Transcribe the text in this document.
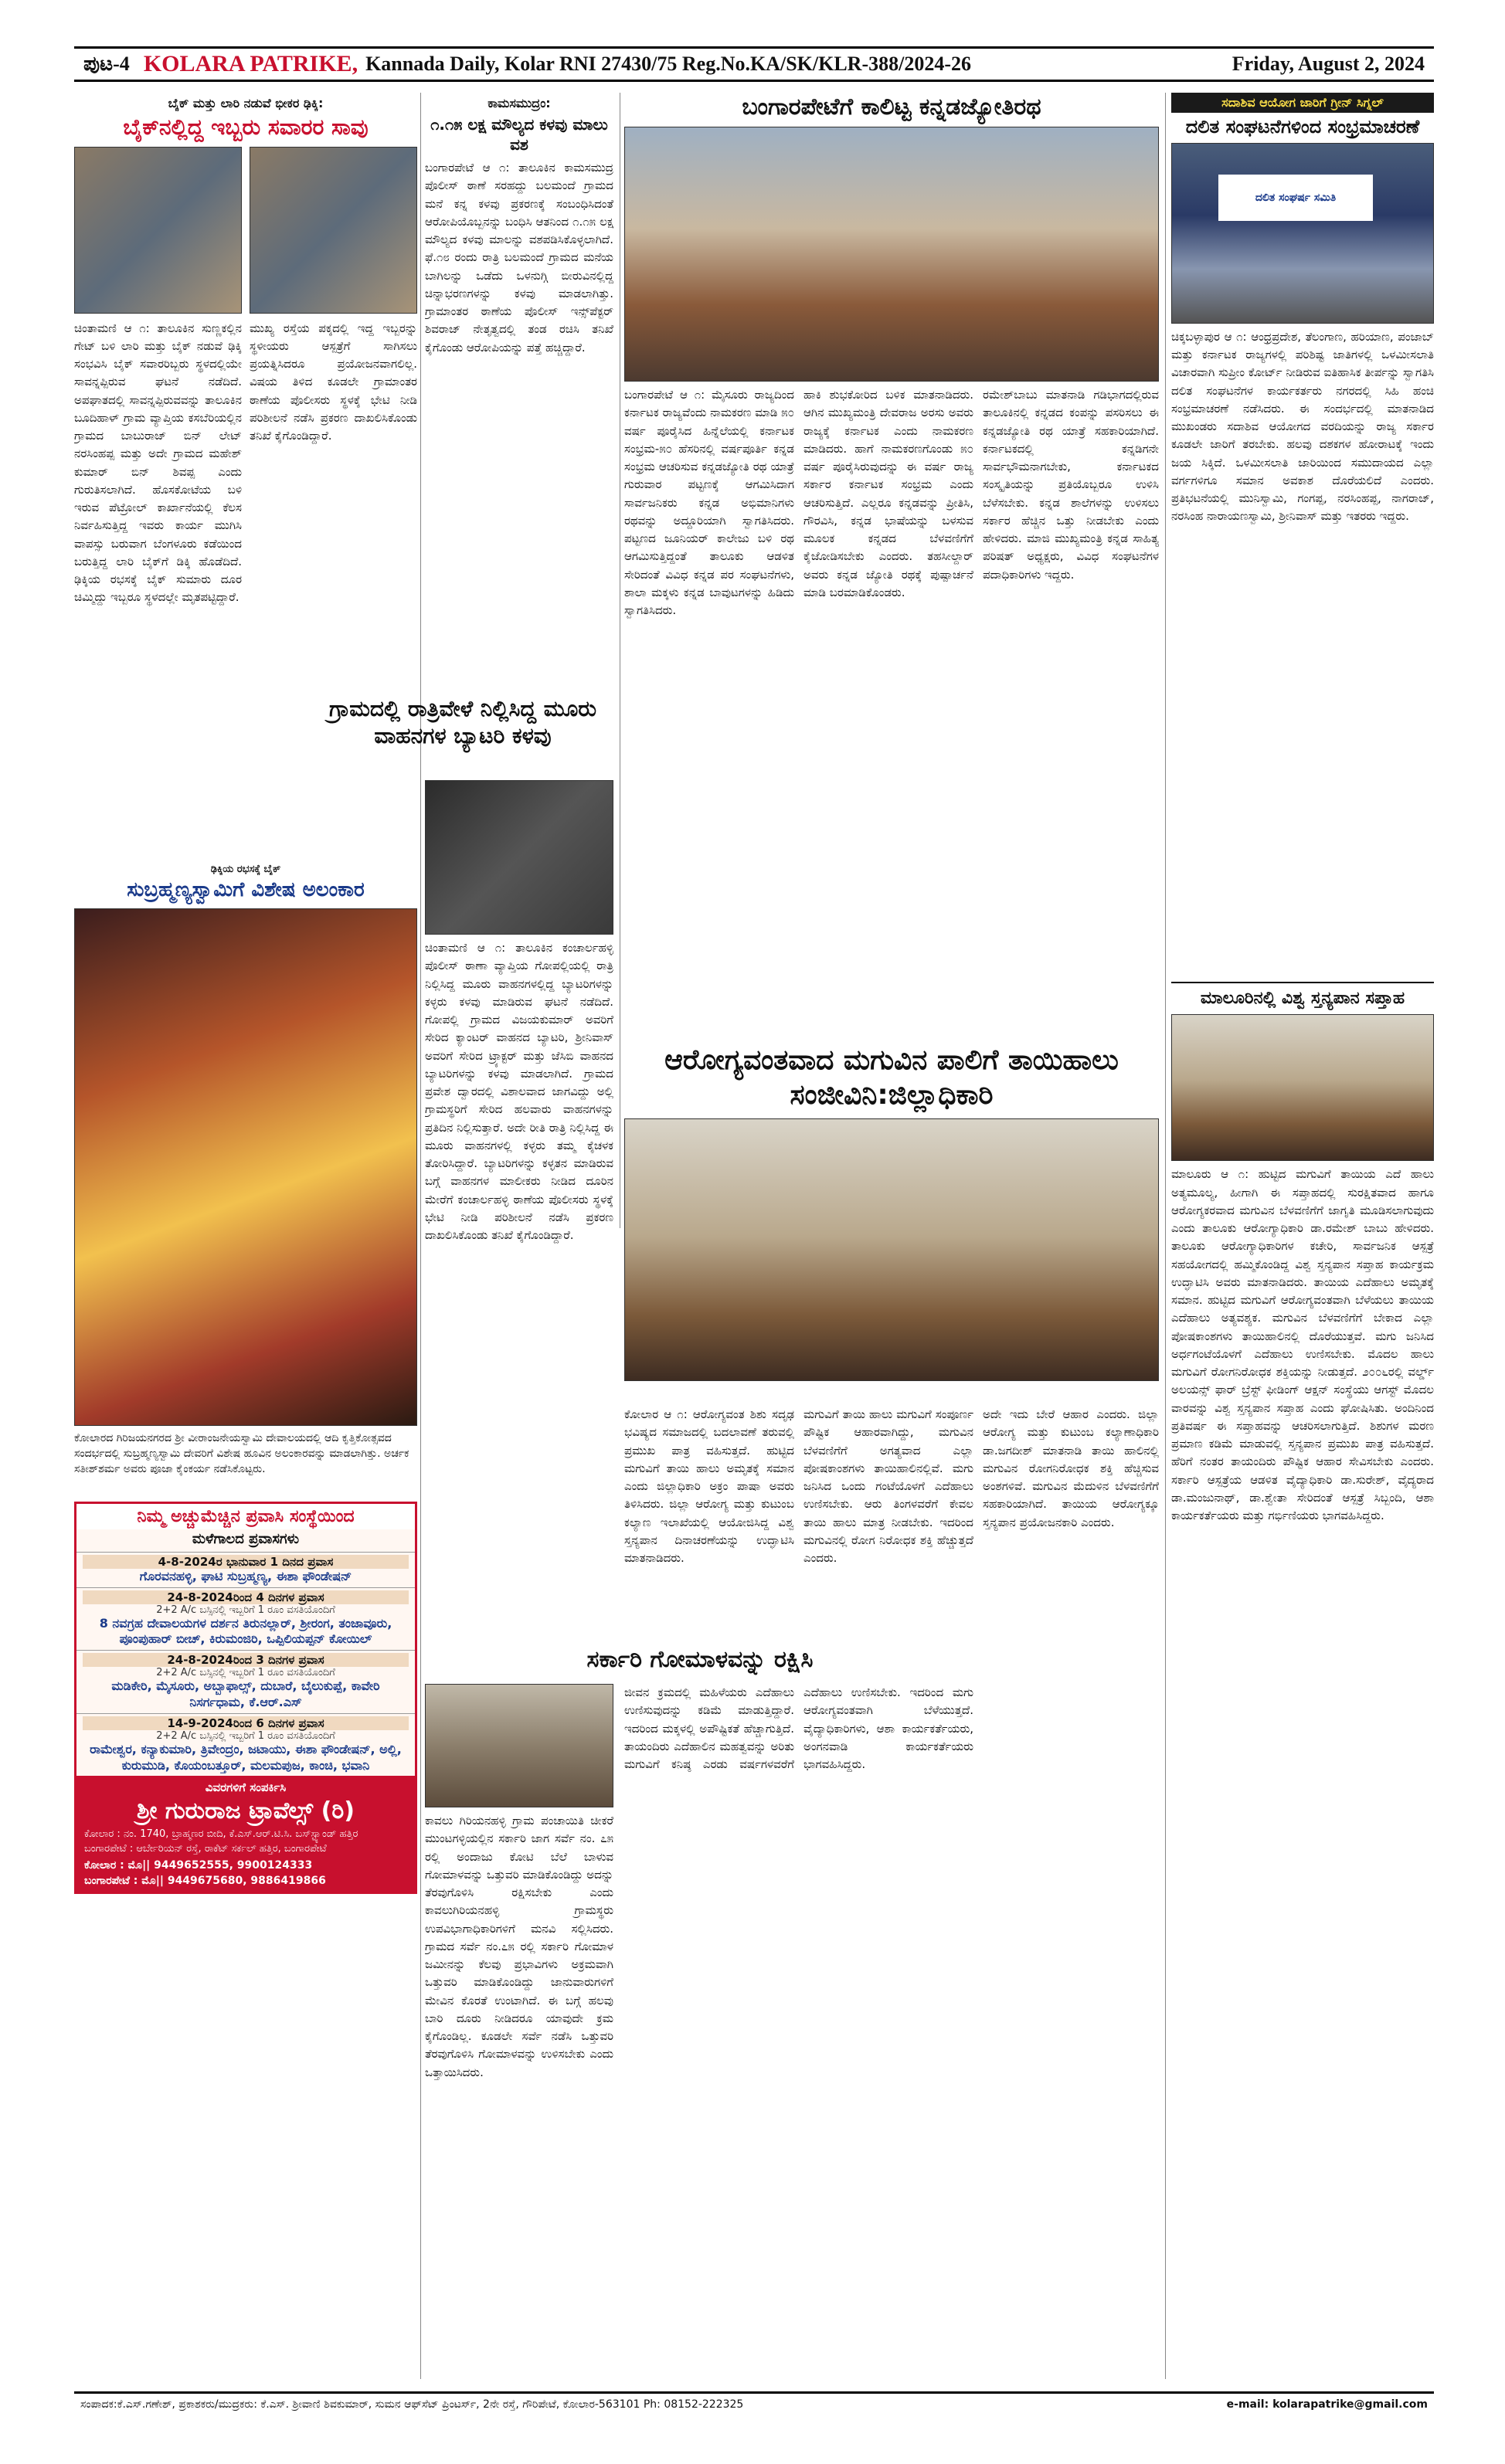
ಪುಟ-4 KOLARA PATRIKE, Kannada Daily, Kolar RNI 27430/75 Reg.No.KA/SK/KLR-388/2024-26	Friday, August 2, 2024
ಬೈಕ್ ಮತ್ತು ಲಾರಿ ನಡುವೆ ಭೀಕರ ಢಿಕ್ಕಿ:
ಬೈಕ್‌ನಲ್ಲಿದ್ದ ಇಬ್ಬರು ಸವಾರರ ಸಾವು
ಚಿಂತಾಮಣಿ ಆ ೧: ತಾಲೂಕಿನ ಸುಣ್ಣಕಲ್ಲಿನ ಗೇಟ್ ಬಳಿ ಲಾರಿ ಮತ್ತು ಬೈಕ್ ನಡುವೆ ಢಿಕ್ಕಿ ಸಂಭವಿಸಿ ಬೈಕ್ ಸವಾರರಿಬ್ಬರು ಸ್ಥಳದಲ್ಲಿಯೇ ಸಾವನ್ನಪ್ಪಿರುವ ಘಟನೆ ನಡೆದಿದೆ. ಅಪಘಾತದಲ್ಲಿ ಸಾವನ್ನಪ್ಪಿರುವವನ್ನು ತಾಲೂಕಿನ ಬೂದಿಹಾಳ್ ಗ್ರಾಮ ವ್ಯಾಪ್ತಿಯ ಕಸಬೆರಿಯಲ್ಲಿನ ಗ್ರಾಮದ ಬಾಬುರಾಜ್ ಬಿನ್ ಲೇಟ್ ನರಸಿಂಹಪ್ಪ ಮತ್ತು ಅದೇ ಗ್ರಾಮದ ಮಹೇಶ್ ಕುಮಾರ್ ಬಿನ್ ಶಿವಪ್ಪ ಎಂದು ಗುರುತಿಸಲಾಗಿದೆ. ಹೊಸಕೋಟೆಯ ಬಳಿ ಇರುವ ಪೆಟ್ರೋಲ್ ಕಾರ್ಖಾನೆಯಲ್ಲಿ ಕೆಲಸ ನಿರ್ವಹಿಸುತ್ತಿದ್ದ ಇವರು ಕಾರ್ಯ ಮುಗಿಸಿ ವಾಪಸ್ಸು ಬರುವಾಗ ಬೆಂಗಳೂರು ಕಡೆಯಿಂದ ಬರುತ್ತಿದ್ದ ಲಾರಿ ಬೈಕ್‌ಗೆ ಡಿಕ್ಕಿ ಹೊಡೆದಿದೆ. ಢಿಕ್ಕಿಯ ರಭಸಕ್ಕೆ ಬೈಕ್ ಸುಮಾರು ದೂರ ಚಿಮ್ಮಿದ್ದು ಇಬ್ಬರೂ ಸ್ಥಳದಲ್ಲೇ ಮೃತಪಟ್ಟಿದ್ದಾರೆ.
ಮುಖ್ಯ ರಸ್ತೆಯ ಪಕ್ಕದಲ್ಲಿ ಇದ್ದ ಇಬ್ಬರನ್ನು ಸ್ಥಳೀಯರು ಆಸ್ಪತ್ರೆಗೆ ಸಾಗಿಸಲು ಪ್ರಯತ್ನಿಸಿದರೂ ಪ್ರಯೋಜನವಾಗಲಿಲ್ಲ. ವಿಷಯ ತಿಳಿದ ಕೂಡಲೇ ಗ್ರಾಮಾಂತರ ಠಾಣೆಯ ಪೊಲೀಸರು ಸ್ಥಳಕ್ಕೆ ಭೇಟಿ ನೀಡಿ ಪರಿಶೀಲನೆ ನಡೆಸಿ ಪ್ರಕರಣ ದಾಖಲಿಸಿಕೊಂಡು ತನಿಖೆ ಕೈಗೊಂಡಿದ್ದಾರೆ.
ಢಿಕ್ಕಿಯ ರಭಸಕ್ಕೆ ಬೈಕ್
ಸುಬ್ರಹ್ಮಣ್ಯಸ್ವಾಮಿಗೆ ವಿಶೇಷ ಅಲಂಕಾರ
ಕೋಲಾರದ ಗಿರಿಜಯನಗರದ ಶ್ರೀ ವೀರಾಂಜನೇಯಸ್ವಾಮಿ ದೇವಾಲಯದಲ್ಲಿ ಆದಿ ಕೃತ್ತಿಕೋತ್ಸವದ ಸಂದರ್ಭದಲ್ಲಿ ಸುಬ್ರಹ್ಮಣ್ಯಸ್ವಾಮಿ ದೇವರಿಗೆ ವಿಶೇಷ ಹೂವಿನ ಅಲಂಕಾರವನ್ನು ಮಾಡಲಾಗಿತ್ತು. ಅರ್ಚಕ ಸತೀಶ್‌ಶರ್ಮ ಅವರು ಪೂಜಾ ಕೈಂಕರ್ಯ ನಡೆಸಿಕೊಟ್ಟರು.
ನಿಮ್ಮ ಅಚ್ಚುಮೆಚ್ಚಿನ ಪ್ರವಾಸಿ ಸಂಸ್ಥೆಯಿಂದ
ಮಳೆಗಾಲದ ಪ್ರವಾಸಗಳು
4-8-2024ರ ಭಾನುವಾರ 1 ದಿನದ ಪ್ರವಾಸ
ಗೊರವನಹಳ್ಳಿ, ಘಾಟಿ ಸುಬ್ರಹ್ಮಣ್ಯ, ಈಶಾ ಫೌಂಡೇಷನ್
24-8-2024ರಿಂದ 4 ದಿನಗಳ ಪ್ರವಾಸ
2+2 A/c ಬಸ್ಸಿನಲ್ಲಿ ಇಬ್ಬರಿಗೆ 1 ರೂಂ ವಸತಿಯೊಂದಿಗೆ
8 ನವಗ್ರಹ ದೇವಾಲಯಗಳ ದರ್ಶನ ತಿರುನಲ್ಲಾರ್, ಶ್ರೀರಂಗ, ತಂಜಾವೂರು, ಪೂಂಪುಹಾರ್ ಬೀಚ್, ಕಿರುಮಂಜಿರಿ, ಒಪ್ಪಿಲಿಯಪ್ಪನ್ ಕೋಯಿಲ್
24-8-2024ರಿಂದ 3 ದಿನಗಳ ಪ್ರವಾಸ
2+2 A/c ಬಸ್ಸಿನಲ್ಲಿ ಇಬ್ಬರಿಗೆ 1 ರೂಂ ವಸತಿಯೊಂದಿಗೆ
ಮಡಿಕೇರಿ, ಮೈಸೂರು, ಅಬ್ಬಾಫಾಲ್ಸ್, ದುಬಾರೆ, ಬೈಲುಕುಪ್ಪೆ, ಕಾವೇರಿ ನಿಸರ್ಗಧಾಮ, ಕೆ.ಆರ್.ಎಸ್
14-9-2024ರಿಂದ 6 ದಿನಗಳ ಪ್ರವಾಸ
2+2 A/c ಬಸ್ಸಿನಲ್ಲಿ ಇಬ್ಬರಿಗೆ 1 ರೂಂ ವಸತಿಯೊಂದಿಗೆ
ರಾಮೇಶ್ವರ, ಕನ್ಯಾಕುಮಾರಿ, ತ್ರಿವೇಂದ್ರಂ, ಜಟಾಯು, ಈಶಾ ಫೌಂಡೇಷನ್, ಅಲ್ಲಿ, ಕುರುಮುಡಿ, ಕೊಯಂಬತ್ತೂರ್, ಮಲಮಪುಜ, ಕಾಂಚಿ, ಭವಾನಿ
ವಿವರಗಳಿಗೆ ಸಂಪರ್ಕಿಸಿ
ಶ್ರೀ ಗುರುರಾಜ ಟ್ರಾವೆಲ್ಸ್ (ರಿ)
ಕೋಲಾರ : ನಂ. 1740, ಬ್ರಾಹ್ಮಣರ ಬೀದಿ, ಕೆ.ಎಸ್.ಆರ್.ಟಿ.ಸಿ. ಬಸ್‌ಸ್ಟ್ಯಾಂಡ್ ಹತ್ತಿರ
ಬಂಗಾರಪೇಟೆ : ಆರ್ಬೇರಿಯನ್ ರಸ್ತೆ, ರಾಕೆಟ್ ಸರ್ಕಲ್ ಹತ್ತಿರ, ಬಂಗಾರಪೇಟೆ
ಕೋಲಾರ : ಮೊ|| 9449652555, 9900124333
ಬಂಗಾರಪೇಟೆ : ಮೊ|| 9449675680, 9886419866
ಕಾಮಸಮುದ್ರಂ:
೧.೧೫ ಲಕ್ಷ ಮೌಲ್ಯದ ಕಳವು ಮಾಲು ವಶ
ಬಂಗಾರಪೇಟೆ ಆ ೧: ತಾಲೂಕಿನ ಕಾಮಸಮುದ್ರ ಪೊಲೀಸ್ ಠಾಣೆ ಸರಹದ್ದು ಬಲಮಂದೆ ಗ್ರಾಮದ ಮನೆ ಕನ್ನ ಕಳವು ಪ್ರಕರಣಕ್ಕೆ ಸಂಬಂಧಿಸಿದಂತೆ ಆರೋಪಿಯೊಬ್ಬನನ್ನು ಬಂಧಿಸಿ ಆತನಿಂದ ೧.೧೫ ಲಕ್ಷ ಮೌಲ್ಯದ ಕಳವು ಮಾಲನ್ನು ವಶಪಡಿಸಿಕೊಳ್ಳಲಾಗಿದೆ. ಫೆ.೧೮ ರಂದು ರಾತ್ರಿ ಬಲಮಂದೆ ಗ್ರಾಮದ ಮನೆಯ ಬಾಗಿಲನ್ನು ಒಡೆದು ಒಳನುಗ್ಗಿ ಬೀರುವಿನಲ್ಲಿದ್ದ ಚಿನ್ನಾಭರಣಗಳನ್ನು ಕಳವು ಮಾಡಲಾಗಿತ್ತು. ಗ್ರಾಮಾಂತರ ಠಾಣೆಯ ಪೊಲೀಸ್ ಇನ್ಸ್‌ಪೆಕ್ಟರ್ ಶಿವರಾಜ್ ನೇತೃತ್ವದಲ್ಲಿ ತಂಡ ರಚಿಸಿ ತನಿಖೆ ಕೈಗೊಂಡು ಆರೋಪಿಯನ್ನು ಪತ್ತೆ ಹಚ್ಚಿದ್ದಾರೆ.
ಗ್ರಾಮದಲ್ಲಿ ರಾತ್ರಿವೇಳೆ ನಿಲ್ಲಿಸಿದ್ದ ಮೂರು ವಾಹನಗಳ ಬ್ಯಾಟರಿ ಕಳವು
ಚಿಂತಾಮಣಿ ಆ ೧: ತಾಲೂಕಿನ ಕಂಚಾರ್ಲಹಳ್ಳಿ ಪೊಲೀಸ್ ಠಾಣಾ ವ್ಯಾಪ್ತಿಯ ಗೋಪಲ್ಲಿಯಲ್ಲಿ ರಾತ್ರಿ ನಿಲ್ಲಿಸಿದ್ದ ಮೂರು ವಾಹನಗಳಲ್ಲಿದ್ದ ಬ್ಯಾಟರಿಗಳನ್ನು ಕಳ್ಳರು ಕಳವು ಮಾಡಿರುವ ಘಟನೆ ನಡೆದಿದೆ. ಗೋಪಲ್ಲಿ ಗ್ರಾಮದ ವಿಜಯಕುಮಾರ್ ಅವರಿಗೆ ಸೇರಿದ ಕ್ಯಾಂಟರ್ ವಾಹನದ ಬ್ಯಾಟರಿ, ಶ್ರೀನಿವಾಸ್ ಅವರಿಗೆ ಸೇರಿದ ಟ್ರ್ಯಾಕ್ಟರ್ ಮತ್ತು ಜೆಸಿಬಿ ವಾಹನದ ಬ್ಯಾಟರಿಗಳನ್ನು ಕಳವು ಮಾಡಲಾಗಿದೆ. ಗ್ರಾಮದ ಪ್ರವೇಶ ದ್ವಾರದಲ್ಲಿ ವಿಶಾಲವಾದ ಜಾಗವಿದ್ದು ಅಲ್ಲಿ ಗ್ರಾಮಸ್ಥರಿಗೆ ಸೇರಿದ ಹಲವಾರು ವಾಹನಗಳನ್ನು ಪ್ರತಿದಿನ ನಿಲ್ಲಿಸುತ್ತಾರೆ. ಅದೇ ರೀತಿ ರಾತ್ರಿ ನಿಲ್ಲಿಸಿದ್ದ ಈ ಮೂರು ವಾಹನಗಳಲ್ಲಿ ಕಳ್ಳರು ತಮ್ಮ ಕೈಚಳಕ ತೋರಿಸಿದ್ದಾರೆ. ಬ್ಯಾಟರಿಗಳನ್ನು ಕಳ್ಳತನ ಮಾಡಿರುವ ಬಗ್ಗೆ ವಾಹನಗಳ ಮಾಲೀಕರು ನೀಡಿದ ದೂರಿನ ಮೇರೆಗೆ ಕಂಚಾರ್ಲಹಳ್ಳಿ ಠಾಣೆಯ ಪೊಲೀಸರು ಸ್ಥಳಕ್ಕೆ ಭೇಟಿ ನೀಡಿ ಪರಿಶೀಲನೆ ನಡೆಸಿ ಪ್ರಕರಣ ದಾಖಲಿಸಿಕೊಂಡು ತನಿಖೆ ಕೈಗೊಂಡಿದ್ದಾರೆ.
ಬಂಗಾರಪೇಟೆಗೆ ಕಾಲಿಟ್ಟ ಕನ್ನಡಜ್ಯೋತಿರಥ
ಬಂಗಾರಪೇಟೆ ಆ ೧: ಮೈಸೂರು ರಾಜ್ಯದಿಂದ ಕರ್ನಾಟಕ ರಾಜ್ಯವೆಂದು ನಾಮಕರಣ ಮಾಡಿ ೫೦ ವರ್ಷ ಪೂರೈಸಿದ ಹಿನ್ನೆಲೆಯಲ್ಲಿ ಕರ್ನಾಟಕ ಸಂಭ್ರಮ-೫೦ ಹೆಸರಿನಲ್ಲಿ ವರ್ಷಪೂರ್ತಿ ಕನ್ನಡ ಸಂಭ್ರಮ ಆಚರಿಸುವ ಕನ್ನಡಜ್ಯೋತಿ ರಥ ಯಾತ್ರೆ ಗುರುವಾರ ಪಟ್ಟಣಕ್ಕೆ ಆಗಮಿಸಿದಾಗ ಸಾರ್ವಜನಿಕರು ಕನ್ನಡ ಅಭಿಮಾನಿಗಳು ರಥವನ್ನು ಅದ್ದೂರಿಯಾಗಿ ಸ್ವಾಗತಿಸಿದರು. ಪಟ್ಟಣದ ಜೂನಿಯರ್ ಕಾಲೇಜು ಬಳಿ ರಥ ಆಗಮಿಸುತ್ತಿದ್ದಂತೆ ತಾಲೂಕು ಆಡಳಿತ ಸೇರಿದಂತೆ ವಿವಿಧ ಕನ್ನಡ ಪರ ಸಂಘಟನೆಗಳು, ಶಾಲಾ ಮಕ್ಕಳು ಕನ್ನಡ ಬಾವುಟಗಳನ್ನು ಹಿಡಿದು ಸ್ವಾಗತಿಸಿದರು.
ಹಾಕಿ ಶುಭಕೋರಿದ ಬಳಿಕ ಮಾತನಾಡಿದರು. ಆಗಿನ ಮುಖ್ಯಮಂತ್ರಿ ದೇವರಾಜ ಅರಸು ಅವರು ರಾಜ್ಯಕ್ಕೆ ಕರ್ನಾಟಕ ಎಂದು ನಾಮಕರಣ ಮಾಡಿದರು. ಹಾಗೆ ನಾಮಕರಣಗೊಂಡು ೫೦ ವರ್ಷ ಪೂರೈಸಿರುವುದನ್ನು ಈ ವರ್ಷ ರಾಜ್ಯ ಸರ್ಕಾರ ಕರ್ನಾಟಕ ಸಂಭ್ರಮ ಎಂದು ಆಚರಿಸುತ್ತಿದೆ. ಎಲ್ಲರೂ ಕನ್ನಡವನ್ನು ಪ್ರೀತಿಸಿ, ಗೌರವಿಸಿ, ಕನ್ನಡ ಭಾಷೆಯನ್ನು ಬಳಸುವ ಮೂಲಕ ಕನ್ನಡದ ಬೆಳವಣಿಗೆಗೆ ಕೈಜೋಡಿಸಬೇಕು ಎಂದರು. ತಹಸೀಲ್ದಾರ್ ಅವರು ಕನ್ನಡ ಜ್ಯೋತಿ ರಥಕ್ಕೆ ಪುಷ್ಪಾರ್ಚನೆ ಮಾಡಿ ಬರಮಾಡಿಕೊಂಡರು.
ರಮೇಶ್‌ಬಾಬು ಮಾತನಾಡಿ ಗಡಿಭಾಗದಲ್ಲಿರುವ ತಾಲೂಕಿನಲ್ಲಿ ಕನ್ನಡದ ಕಂಪನ್ನು ಪಸರಿಸಲು ಈ ಕನ್ನಡಜ್ಯೋತಿ ರಥ ಯಾತ್ರೆ ಸಹಕಾರಿಯಾಗಿದೆ. ಕರ್ನಾಟಕದಲ್ಲಿ ಕನ್ನಡಿಗನೇ ಸಾರ್ವಭೌಮನಾಗಬೇಕು, ಕರ್ನಾಟಕದ ಸಂಸ್ಕೃತಿಯನ್ನು ಪ್ರತಿಯೊಬ್ಬರೂ ಉಳಿಸಿ ಬೆಳೆಸಬೇಕು. ಕನ್ನಡ ಶಾಲೆಗಳನ್ನು ಉಳಿಸಲು ಸರ್ಕಾರ ಹೆಚ್ಚಿನ ಒತ್ತು ನೀಡಬೇಕು ಎಂದು ಹೇಳಿದರು. ಮಾಜಿ ಮುಖ್ಯಮಂತ್ರಿ ಕನ್ನಡ ಸಾಹಿತ್ಯ ಪರಿಷತ್ ಅಧ್ಯಕ್ಷರು, ವಿವಿಧ ಸಂಘಟನೆಗಳ ಪದಾಧಿಕಾರಿಗಳು ಇದ್ದರು.
ಆರೋಗ್ಯವಂತವಾದ ಮಗುವಿನ ಪಾಲಿಗೆ ತಾಯಿಹಾಲು ಸಂಜೀವಿನಿ:ಜಿಲ್ಲಾಧಿಕಾರಿ
ಕೋಲಾರ ಆ ೧: ಆರೋಗ್ಯವಂತ ಶಿಶು ಸದೃಢ ಭವಿಷ್ಯದ ಸಮಾಜದಲ್ಲಿ ಬದಲಾವಣೆ ತರುವಲ್ಲಿ ಪ್ರಮುಖ ಪಾತ್ರ ವಹಿಸುತ್ತದೆ. ಹುಟ್ಟಿದ ಮಗುವಿಗೆ ತಾಯಿ ಹಾಲು ಅಮೃತಕ್ಕೆ ಸಮಾನ ಎಂದು ಜಿಲ್ಲಾಧಿಕಾರಿ ಅಕ್ರಂ ಪಾಷಾ ಅವರು ತಿಳಿಸಿದರು. ಜಿಲ್ಲಾ ಆರೋಗ್ಯ ಮತ್ತು ಕುಟುಂಬ ಕಲ್ಯಾಣ ಇಲಾಖೆಯಲ್ಲಿ ಆಯೋಜಿಸಿದ್ದ ವಿಶ್ವ ಸ್ತನ್ಯಪಾನ ದಿನಾಚರಣೆಯನ್ನು ಉದ್ಘಾಟಿಸಿ ಮಾತನಾಡಿದರು.
ಮಗುವಿಗೆ ತಾಯಿ ಹಾಲು ಮಗುವಿಗೆ ಸಂಪೂರ್ಣ ಪೌಷ್ಟಿಕ ಆಹಾರವಾಗಿದ್ದು, ಮಗುವಿನ ಬೆಳವಣಿಗೆಗೆ ಅಗತ್ಯವಾದ ಎಲ್ಲಾ ಪೋಷಕಾಂಶಗಳು ತಾಯಿಹಾಲಿನಲ್ಲಿವೆ. ಮಗು ಜನಿಸಿದ ಒಂದು ಗಂಟೆಯೊಳಗೆ ಎದೆಹಾಲು ಉಣಿಸಬೇಕು. ಆರು ತಿಂಗಳವರೆಗೆ ಕೇವಲ ತಾಯಿ ಹಾಲು ಮಾತ್ರ ನೀಡಬೇಕು. ಇದರಿಂದ ಮಗುವಿನಲ್ಲಿ ರೋಗ ನಿರೋಧಕ ಶಕ್ತಿ ಹೆಚ್ಚುತ್ತದೆ ಎಂದರು.
ಅದೇ ಇದು ಬೇರೆ ಆಹಾರ ಎಂದರು. ಜಿಲ್ಲಾ ಆರೋಗ್ಯ ಮತ್ತು ಕುಟುಂಬ ಕಲ್ಯಾಣಾಧಿಕಾರಿ ಡಾ.ಜಗದೀಶ್ ಮಾತನಾಡಿ ತಾಯಿ ಹಾಲಿನಲ್ಲಿ ಮಗುವಿನ ರೋಗನಿರೋಧಕ ಶಕ್ತಿ ಹೆಚ್ಚಿಸುವ ಅಂಶಗಳಿವೆ. ಮಗುವಿನ ಮೆದುಳಿನ ಬೆಳವಣಿಗೆಗೆ ಸಹಕಾರಿಯಾಗಿದೆ. ತಾಯಿಯ ಆರೋಗ್ಯಕ್ಕೂ ಸ್ತನ್ಯಪಾನ ಪ್ರಯೋಜನಕಾರಿ ಎಂದರು.
ಸರ್ಕಾರಿ ಗೋಮಾಳವನ್ನು ರಕ್ಷಿಸಿ
ಕಾವಲು ಗಿರಿಯನಹಳ್ಳಿ ಗ್ರಾಮ ಪಂಚಾಯಿತಿ ಚೀಕರೆ ಮುಂಟಗಳ್ಳಿಯಲ್ಲಿನ ಸರ್ಕಾರಿ ಜಾಗ ಸರ್ವೆ ನಂ. ೭೫ ರಲ್ಲಿ ಅಂದಾಜು ಕೋಟಿ ಬೆಲೆ ಬಾಳುವ ಗೋಮಾಳವನ್ನು ಒತ್ತುವರಿ ಮಾಡಿಕೊಂಡಿದ್ದು ಅದನ್ನು ತೆರವುಗೊಳಿಸಿ ರಕ್ಷಿಸಬೇಕು ಎಂದು ಕಾವಲುಗಿರಿಯನಹಳ್ಳಿ ಗ್ರಾಮಸ್ಥರು ಉಪವಿಭಾಗಾಧಿಕಾರಿಗಳಿಗೆ ಮನವಿ ಸಲ್ಲಿಸಿದರು. ಗ್ರಾಮದ ಸರ್ವೆ ನಂ.೭೫ ರಲ್ಲಿ ಸರ್ಕಾರಿ ಗೋಮಾಳ ಜಮೀನನ್ನು ಕೆಲವು ಪ್ರಭಾವಿಗಳು ಅಕ್ರಮವಾಗಿ ಒತ್ತುವರಿ ಮಾಡಿಕೊಂಡಿದ್ದು ಜಾನುವಾರುಗಳಿಗೆ ಮೇವಿನ ಕೊರತೆ ಉಂಟಾಗಿದೆ. ಈ ಬಗ್ಗೆ ಹಲವು ಬಾರಿ ದೂರು ನೀಡಿದರೂ ಯಾವುದೇ ಕ್ರಮ ಕೈಗೊಂಡಿಲ್ಲ. ಕೂಡಲೇ ಸರ್ವೆ ನಡೆಸಿ ಒತ್ತುವರಿ ತೆರವುಗೊಳಿಸಿ ಗೋಮಾಳವನ್ನು ಉಳಿಸಬೇಕು ಎಂದು ಒತ್ತಾಯಿಸಿದರು.
ಜೀವನ ಕ್ರಮದಲ್ಲಿ ಮಹಿಳೆಯರು ಎದೆಹಾಲು ಉಣಿಸುವುದನ್ನು ಕಡಿಮೆ ಮಾಡುತ್ತಿದ್ದಾರೆ. ಇದರಿಂದ ಮಕ್ಕಳಲ್ಲಿ ಅಪೌಷ್ಟಿಕತೆ ಹೆಚ್ಚಾಗುತ್ತಿದೆ. ತಾಯಂದಿರು ಎದೆಹಾಲಿನ ಮಹತ್ವವನ್ನು ಅರಿತು ಮಗುವಿಗೆ ಕನಿಷ್ಠ ಎರಡು ವರ್ಷಗಳವರೆಗೆ ಎದೆಹಾಲು ಉಣಿಸಬೇಕು. ಇದರಿಂದ ಮಗು ಆರೋಗ್ಯವಂತವಾಗಿ ಬೆಳೆಯುತ್ತದೆ. ವೈದ್ಯಾಧಿಕಾರಿಗಳು, ಆಶಾ ಕಾರ್ಯಕರ್ತೆಯರು, ಅಂಗನವಾಡಿ ಕಾರ್ಯಕರ್ತೆಯರು ಭಾಗವಹಿಸಿದ್ದರು.
ಸದಾಶಿವ ಆಯೋಗ ಜಾರಿಗೆ ಗ್ರೀನ್ ಸಿಗ್ನಲ್
ದಲಿತ ಸಂಘಟನೆಗಳಿಂದ ಸಂಭ್ರಮಾಚರಣೆ
ದಲಿತ ಸಂಘರ್ಷ ಸಮಿತಿ
ಚಿಕ್ಕಬಳ್ಳಾಪುರ ಆ ೧: ಆಂಧ್ರಪ್ರದೇಶ, ತೆಲಂಗಾಣ, ಹರಿಯಾಣ, ಪಂಜಾಬ್ ಮತ್ತು ಕರ್ನಾಟಕ ರಾಜ್ಯಗಳಲ್ಲಿ ಪರಿಶಿಷ್ಟ ಜಾತಿಗಳಲ್ಲಿ ಒಳಮೀಸಲಾತಿ ವಿಚಾರವಾಗಿ ಸುಪ್ರೀಂ ಕೋರ್ಟ್ ನೀಡಿರುವ ಐತಿಹಾಸಿಕ ತೀರ್ಪನ್ನು ಸ್ವಾಗತಿಸಿ ದಲಿತ ಸಂಘಟನೆಗಳ ಕಾರ್ಯಕರ್ತರು ನಗರದಲ್ಲಿ ಸಿಹಿ ಹಂಚಿ ಸಂಭ್ರಮಾಚರಣೆ ನಡೆಸಿದರು. ಈ ಸಂದರ್ಭದಲ್ಲಿ ಮಾತನಾಡಿದ ಮುಖಂಡರು ಸದಾಶಿವ ಆಯೋಗದ ವರದಿಯನ್ನು ರಾಜ್ಯ ಸರ್ಕಾರ ಕೂಡಲೇ ಜಾರಿಗೆ ತರಬೇಕು. ಹಲವು ದಶಕಗಳ ಹೋರಾಟಕ್ಕೆ ಇಂದು ಜಯ ಸಿಕ್ಕಿದೆ. ಒಳಮೀಸಲಾತಿ ಜಾರಿಯಿಂದ ಸಮುದಾಯದ ಎಲ್ಲಾ ವರ್ಗಗಳಿಗೂ ಸಮಾನ ಅವಕಾಶ ದೊರೆಯಲಿದೆ ಎಂದರು. ಪ್ರತಿಭಟನೆಯಲ್ಲಿ ಮುನಿಸ್ವಾಮಿ, ಗಂಗಪ್ಪ, ನರಸಿಂಹಪ್ಪ, ನಾಗರಾಜ್, ನರಸಿಂಹ ನಾರಾಯಣಸ್ವಾಮಿ, ಶ್ರೀನಿವಾಸ್ ಮತ್ತು ಇತರರು ಇದ್ದರು.
ಮಾಲೂರಿನಲ್ಲಿ ವಿಶ್ವ ಸ್ತನ್ಯಪಾನ ಸಪ್ತಾಹ
ಮಾಲೂರು ಆ ೧: ಹುಟ್ಟಿದ ಮಗುವಿಗೆ ತಾಯಿಯ ಎದೆ ಹಾಲು ಅತ್ಯಮೂಲ್ಯ, ಹೀಗಾಗಿ ಈ ಸಪ್ತಾಹದಲ್ಲಿ ಸುರಕ್ಷಿತವಾದ ಹಾಗೂ ಆರೋಗ್ಯಕರವಾದ ಮಗುವಿನ ಬೆಳವಣಿಗೆಗೆ ಜಾಗೃತಿ ಮೂಡಿಸಲಾಗುವುದು ಎಂದು ತಾಲೂಕು ಆರೋಗ್ಯಾಧಿಕಾರಿ ಡಾ.ರಮೇಶ್ ಬಾಬು ಹೇಳಿದರು. ತಾಲೂಕು ಆರೋಗ್ಯಾಧಿಕಾರಿಗಳ ಕಚೇರಿ, ಸಾರ್ವಜನಿಕ ಆಸ್ಪತ್ರೆ ಸಹಯೋಗದಲ್ಲಿ ಹಮ್ಮಿಕೊಂಡಿದ್ದ ವಿಶ್ವ ಸ್ತನ್ಯಪಾನ ಸಪ್ತಾಹ ಕಾರ್ಯಕ್ರಮ ಉದ್ಘಾಟಿಸಿ ಅವರು ಮಾತನಾಡಿದರು. ತಾಯಿಯ ಎದೆಹಾಲು ಅಮೃತಕ್ಕೆ ಸಮಾನ. ಹುಟ್ಟಿದ ಮಗುವಿಗೆ ಆರೋಗ್ಯವಂತವಾಗಿ ಬೆಳೆಯಲು ತಾಯಿಯ ಎದೆಹಾಲು ಅತ್ಯವಶ್ಯಕ. ಮಗುವಿನ ಬೆಳವಣಿಗೆಗೆ ಬೇಕಾದ ಎಲ್ಲಾ ಪೋಷಕಾಂಶಗಳು ತಾಯಿಹಾಲಿನಲ್ಲಿ ದೊರೆಯುತ್ತವೆ. ಮಗು ಜನಿಸಿದ ಅರ್ಧಗಂಟೆಯೊಳಗೆ ಎದೆಹಾಲು ಉಣಿಸಬೇಕು. ಮೊದಲ ಹಾಲು ಮಗುವಿಗೆ ರೋಗನಿರೋಧಕ ಶಕ್ತಿಯನ್ನು ನೀಡುತ್ತದೆ. ೨೦೦೬ರಲ್ಲಿ ವರ್ಲ್ಡ್ ಅಲಯನ್ಸ್ ಫಾರ್ ಬ್ರೆಸ್ಟ್ ಫೀಡಿಂಗ್ ಆಕ್ಷನ್ ಸಂಸ್ಥೆಯು ಆಗಸ್ಟ್ ಮೊದಲ ವಾರವನ್ನು ವಿಶ್ವ ಸ್ತನ್ಯಪಾನ ಸಪ್ತಾಹ ಎಂದು ಘೋಷಿಸಿತು. ಅಂದಿನಿಂದ ಪ್ರತಿವರ್ಷ ಈ ಸಪ್ತಾಹವನ್ನು ಆಚರಿಸಲಾಗುತ್ತಿದೆ. ಶಿಶುಗಳ ಮರಣ ಪ್ರಮಾಣ ಕಡಿಮೆ ಮಾಡುವಲ್ಲಿ ಸ್ತನ್ಯಪಾನ ಪ್ರಮುಖ ಪಾತ್ರ ವಹಿಸುತ್ತದೆ. ಹೆರಿಗೆ ನಂತರ ತಾಯಂದಿರು ಪೌಷ್ಟಿಕ ಆಹಾರ ಸೇವಿಸಬೇಕು ಎಂದರು. ಸರ್ಕಾರಿ ಆಸ್ಪತ್ರೆಯ ಆಡಳಿತ ವೈದ್ಯಾಧಿಕಾರಿ ಡಾ.ಸುರೇಶ್, ವೈದ್ಯರಾದ ಡಾ.ಮಂಜುನಾಥ್, ಡಾ.ಶ್ವೇತಾ ಸೇರಿದಂತೆ ಆಸ್ಪತ್ರೆ ಸಿಬ್ಬಂದಿ, ಆಶಾ ಕಾರ್ಯಕರ್ತೆಯರು ಮತ್ತು ಗರ್ಭಿಣಿಯರು ಭಾಗವಹಿಸಿದ್ದರು.
ಸಂಪಾದಕ:ಕೆ.ಎಸ್.ಗಣೇಶ್, ಪ್ರಕಾಶಕರು/ಮುದ್ರಕರು: ಕೆ.ಎಸ್. ಶ್ರೀವಾಣಿ ಶಿವಕುಮಾರ್, ಸುಮನ ಆಫ್‌ಸೆಟ್ ಪ್ರಿಂಟರ್ಸ್, 2ನೇ ರಸ್ತೆ, ಗೌರಿಪೇಟೆ, ಕೋಲಾರ-563101 Ph: 08152-222325	e-mail: kolarapatrike@gmail.com
